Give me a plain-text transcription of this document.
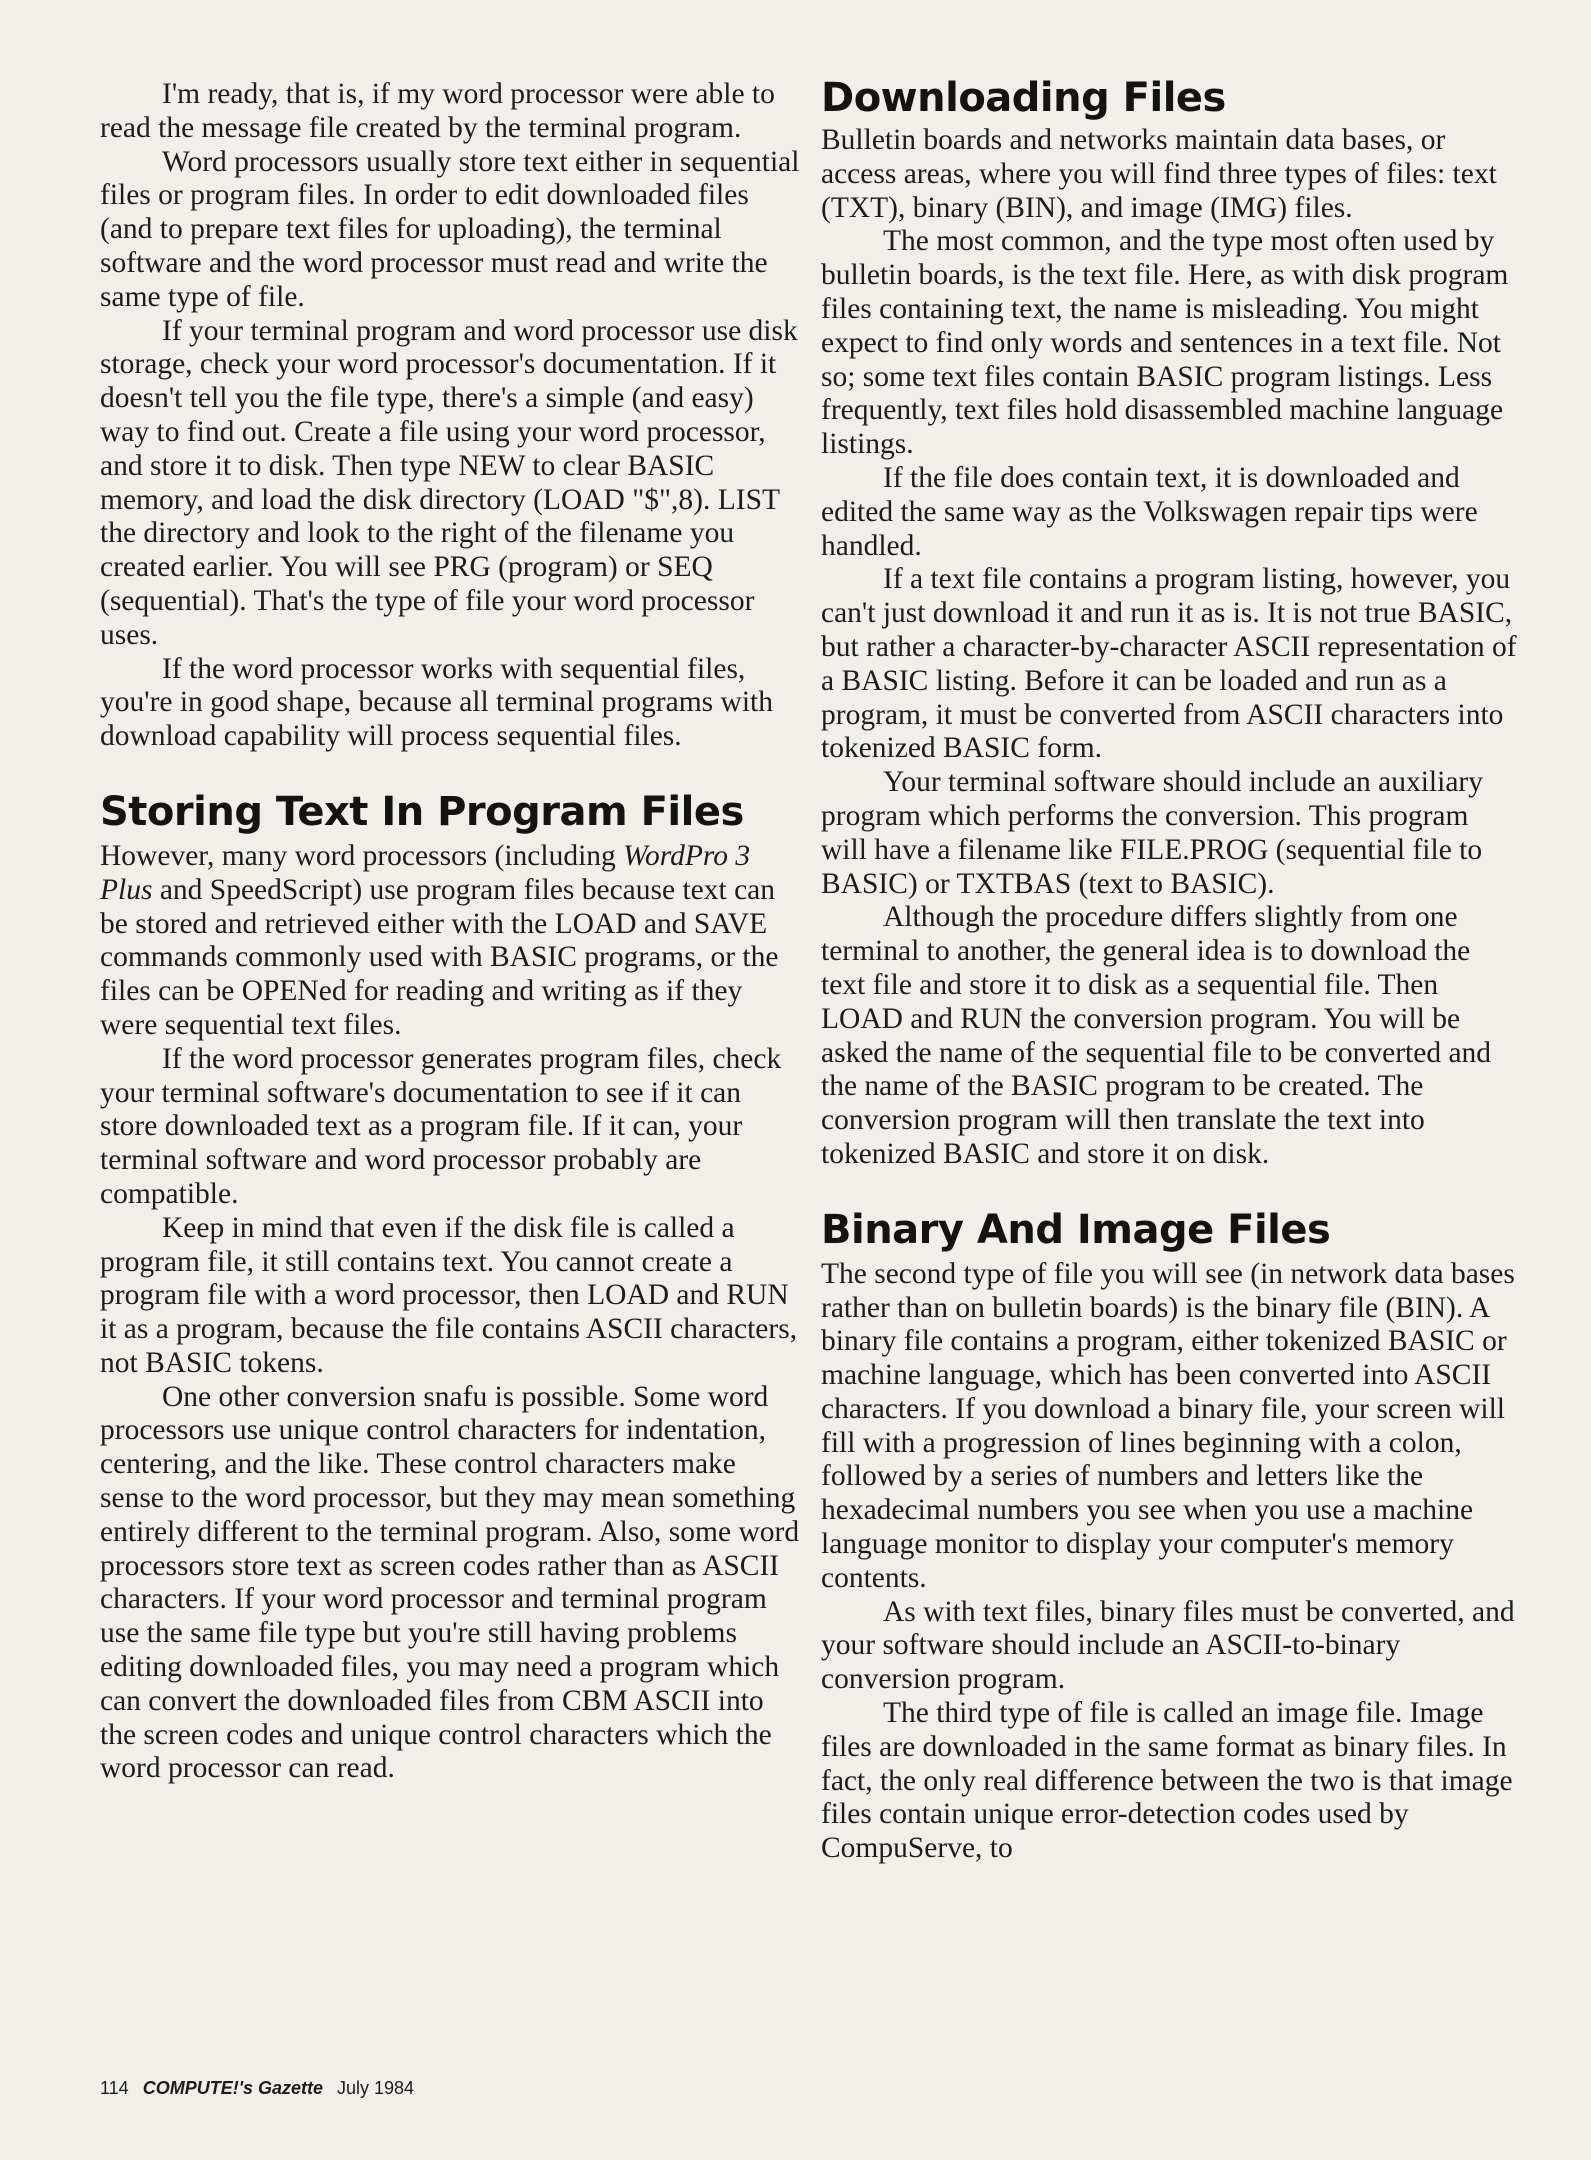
I'm ready, that is, if my word processor were able to read the message file created by the terminal program.

Word processors usually store text either in sequential files or program files. In order to edit downloaded files (and to prepare text files for uploading), the terminal software and the word processor must read and write the same type of file.

If your terminal program and word processor use disk storage, check your word processor's documentation. If it doesn't tell you the file type, there's a simple (and easy) way to find out. Create a file using your word processor, and store it to disk. Then type NEW to clear BASIC memory, and load the disk directory (LOAD "$",8). LIST the directory and look to the right of the filename you created earlier. You will see PRG (program) or SEQ (sequential). That's the type of file your word processor uses.

If the word processor works with sequential files, you're in good shape, because all terminal programs with download capability will process sequential files.

Storing Text In Program Files

However, many word processors (including WordPro 3 Plus and SpeedScript) use program files because text can be stored and retrieved either with the LOAD and SAVE commands commonly used with BASIC programs, or the files can be OPENed for reading and writing as if they were sequential text files.

If the word processor generates program files, check your terminal software's documentation to see if it can store downloaded text as a program file. If it can, your terminal software and word processor probably are compatible.

Keep in mind that even if the disk file is called a program file, it still contains text. You cannot create a program file with a word processor, then LOAD and RUN it as a program, because the file contains ASCII characters, not BASIC tokens.

One other conversion snafu is possible. Some word processors use unique control characters for indentation, centering, and the like. These control characters make sense to the word processor, but they may mean something entirely different to the terminal program. Also, some word processors store text as screen codes rather than as ASCII characters. If your word processor and terminal program use the same file type but you're still having problems editing downloaded files, you may need a program which can convert the downloaded files from CBM ASCII into the screen codes and unique control characters which the word processor can read.

Downloading Files

Bulletin boards and networks maintain data bases, or access areas, where you will find three types of files: text (TXT), binary (BIN), and image (IMG) files.

The most common, and the type most often used by bulletin boards, is the text file. Here, as with disk program files containing text, the name is misleading. You might expect to find only words and sentences in a text file. Not so; some text files contain BASIC program listings. Less frequently, text files hold disassembled machine language listings.

If the file does contain text, it is downloaded and edited the same way as the Volkswagen repair tips were handled.

If a text file contains a program listing, however, you can't just download it and run it as is. It is not true BASIC, but rather a character-by-character ASCII representation of a BASIC listing. Before it can be loaded and run as a program, it must be converted from ASCII characters into tokenized BASIC form.

Your terminal software should include an auxiliary program which performs the conversion. This program will have a filename like FILE.PROG (sequential file to BASIC) or TXTBAS (text to BASIC).

Although the procedure differs slightly from one terminal to another, the general idea is to download the text file and store it to disk as a sequential file. Then LOAD and RUN the conversion program. You will be asked the name of the sequential file to be converted and the name of the BASIC program to be created. The conversion program will then translate the text into tokenized BASIC and store it on disk.

Binary And Image Files

The second type of file you will see (in network data bases rather than on bulletin boards) is the binary file (BIN). A binary file contains a program, either tokenized BASIC or machine language, which has been converted into ASCII characters. If you download a binary file, your screen will fill with a progression of lines beginning with a colon, followed by a series of numbers and letters like the hexadecimal numbers you see when you use a machine language monitor to display your computer's memory contents.

As with text files, binary files must be converted, and your software should include an ASCII-to-binary conversion program.

The third type of file is called an image file. Image files are downloaded in the same format as binary files. In fact, the only real difference between the two is that image files contain unique error-detection codes used by CompuServe, to

114 COMPUTE!'s Gazette July 1984
